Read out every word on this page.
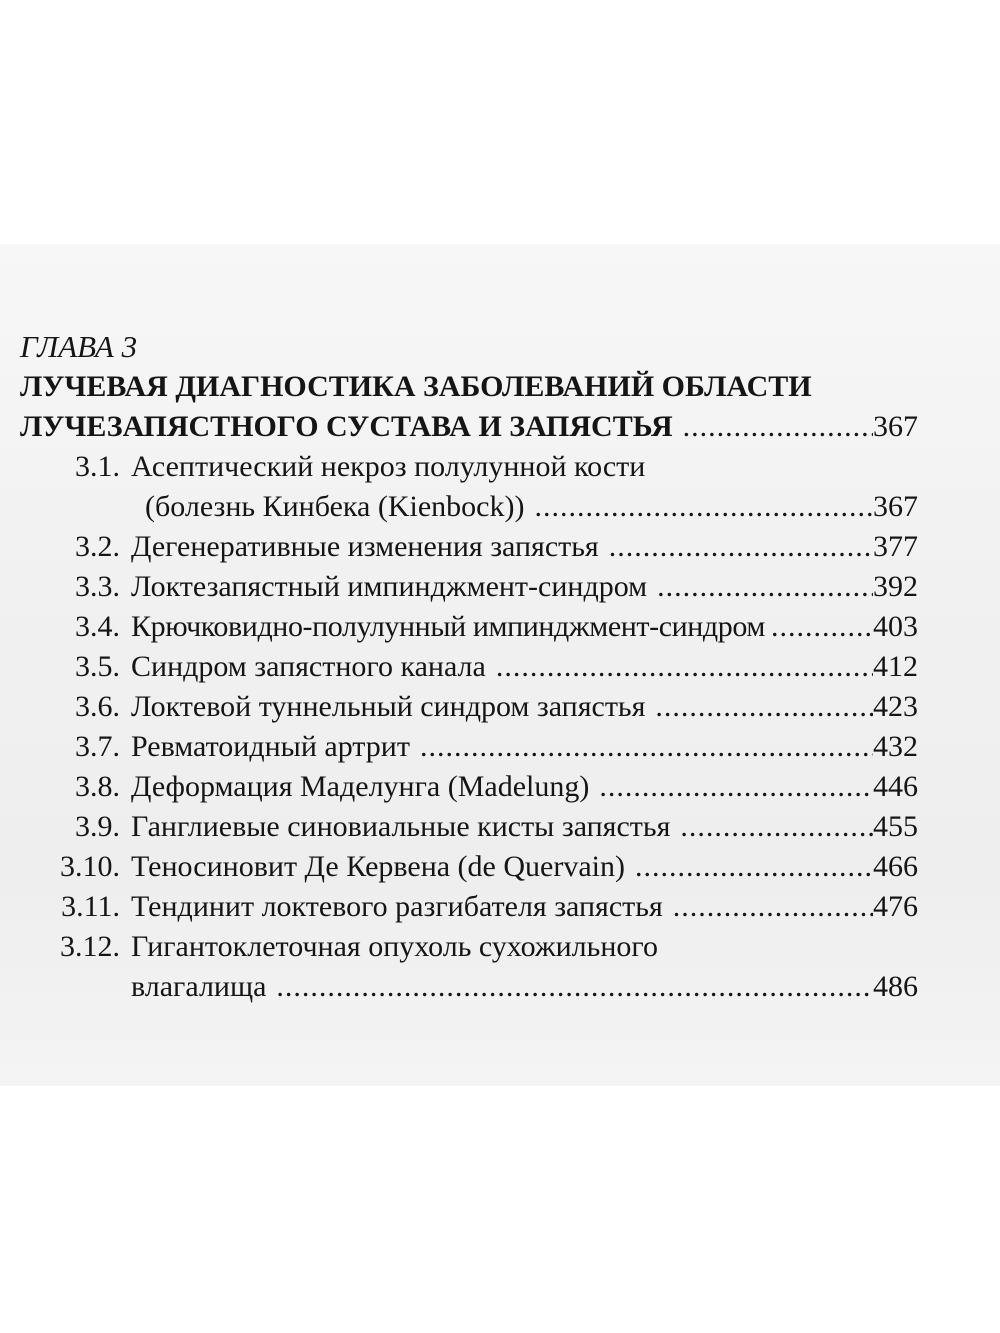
ГЛАВА 3
ЛУЧЕВАЯ ДИАГНОСТИКА ЗАБОЛЕВАНИЙ ОБЛАСТИ
ЛУЧЕЗАПЯСТНОГО СУСТАВА И ЗАПЯСТЬЯ .....	367
3.1. Асептический некроз полулунной кости
(болезнь Кинбека (Kienbock)) .....	367
3.2. Дегенеративные изменения запястья .....	377
3.3. Локтезапястный импинджмент-синдром .....	392
3.4. Крючковидно-полулунный импинджмент-синдром .....	403
3.5. Синдром запястного канала .....	412
3.6. Локтевой туннельный синдром запястья .....	423
3.7. Ревматоидный артрит .....	432
3.8. Деформация Маделунга (Madelung) .....	446
3.9. Ганглиевые синовиальные кисты запястья .....	455
3.10. Теносиновит Де Кервена (de Quervain) .....	466
3.11. Тендинит локтевого разгибателя запястья .....	476
3.12. Гигантоклеточная опухоль сухожильного
влагалища .....	486
